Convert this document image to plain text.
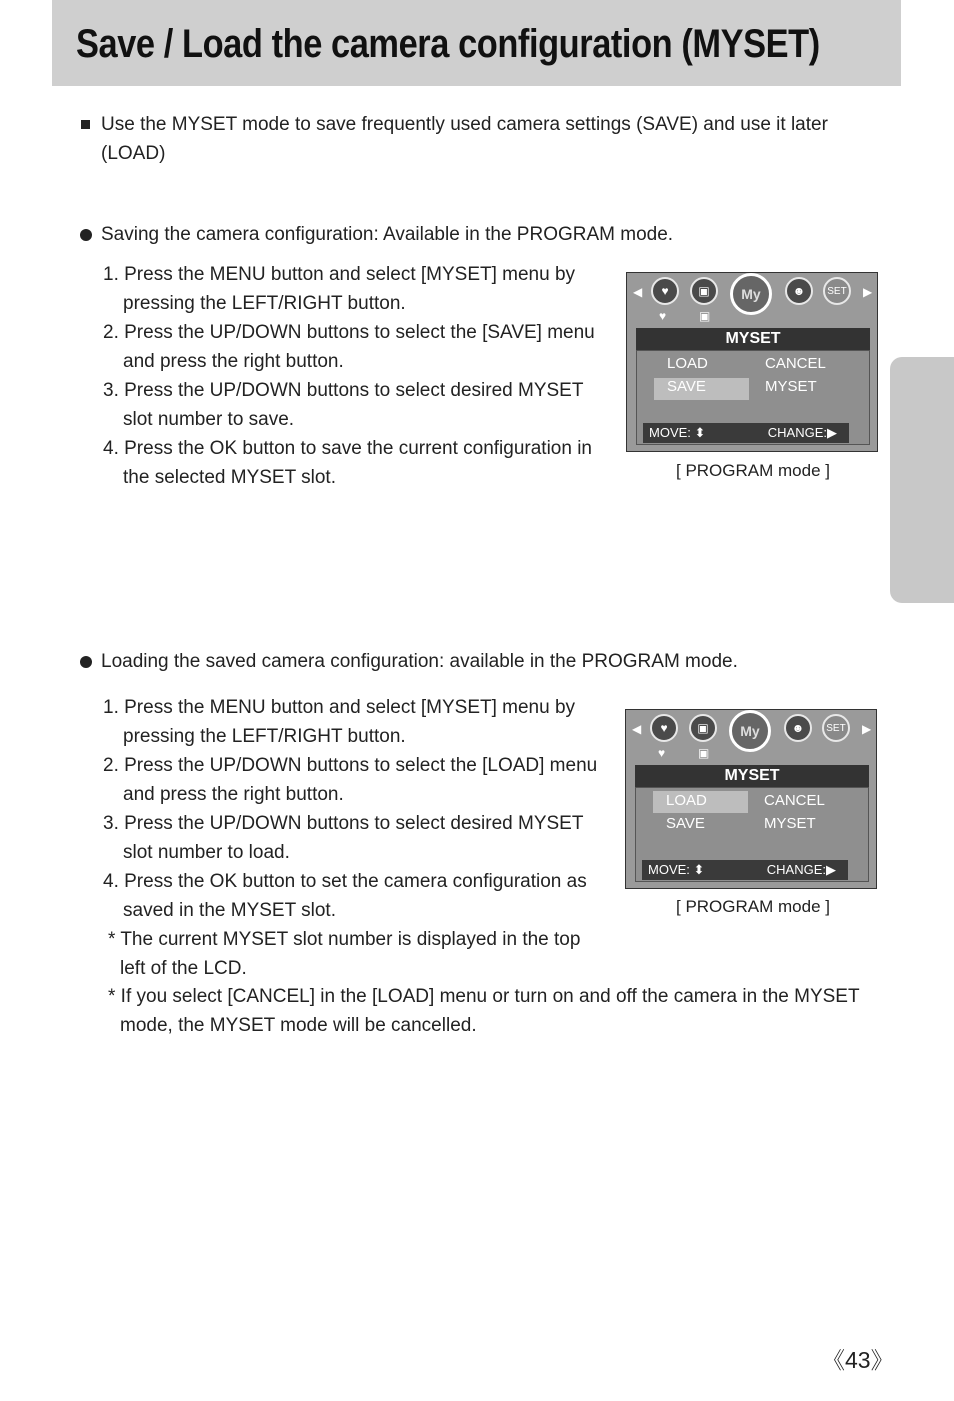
Save / Load the camera configuration (MYSET)
Use the MYSET mode to save frequently used camera settings (SAVE) and use it later
(LOAD)
Saving the camera configuration: Available in the PROGRAM mode.
1. Press the MENU button and select [MYSET] menu by pressing the LEFT/RIGHT button.
2. Press the UP/DOWN buttons to select the [SAVE] menu and press the right button.
3. Press the UP/DOWN buttons to select desired MYSET slot number to save.
4. Press the OK button to save the current configuration in the selected MYSET slot.
◀	♥	▣	My	☻	SET	▶
♥	▣
MYSET
LOAD
SAVE
CANCEL
MYSET
MOVE: ⬍	CHANGE:▶
[ PROGRAM mode ]
Loading the saved camera configuration: available in the PROGRAM mode.
1. Press the MENU button and select [MYSET] menu by pressing the LEFT/RIGHT button.
2. Press the UP/DOWN buttons to select the [LOAD] menu and press the right button.
3. Press the UP/DOWN buttons to select desired MYSET slot number to load.
4. Press the OK button to set the camera configuration as saved in the MYSET slot.
* The current MYSET slot number is displayed in the top left of the LCD.
* If you select [CANCEL] in the [LOAD] menu or turn on and off the camera in the MYSET mode, the MYSET mode will be cancelled.
◀	♥	▣	My	☻	SET	▶
♥	▣
MYSET
LOAD
SAVE
CANCEL
MYSET
MOVE: ⬍	CHANGE:▶
[ PROGRAM mode ]
《43》
